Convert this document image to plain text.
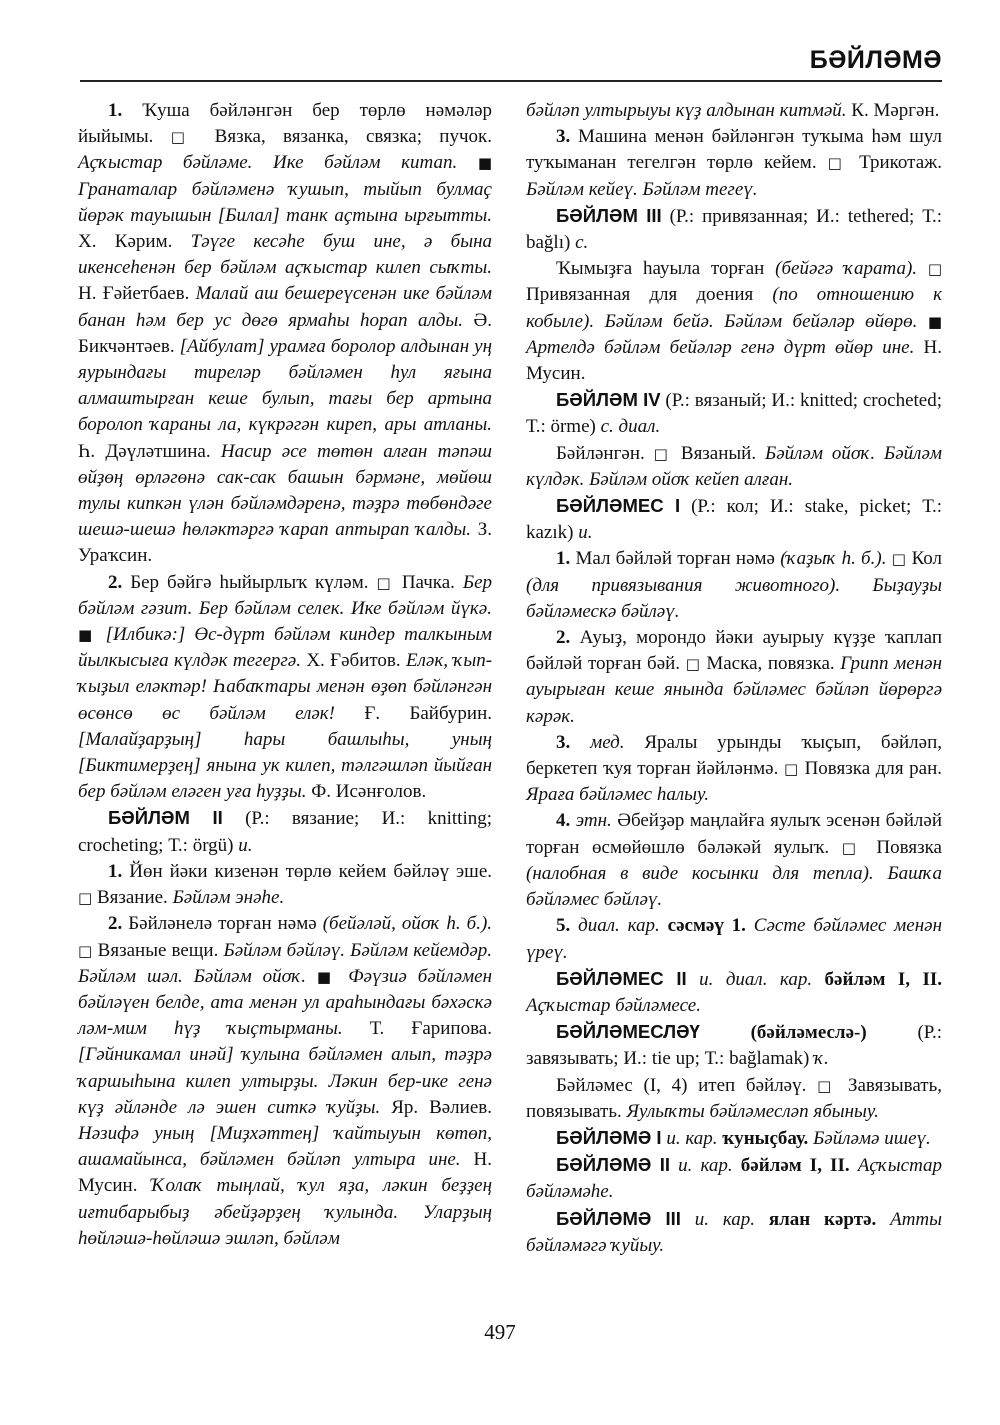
БӘЙЛӘМӘ

1. Ҡуша бәйләнгән бер төрлө нәмәләр йыйымы. □ Вязка, вязанка, связка; пучок. Аҫҡыстар бәйләме. Ике бәйләм китап. ■ Гранаталар бәйләменә ҡушып, тыйып булмаҫ йөрәк тауышын [Билал] танк аҫтына ырғытты. Х. Кәрим. Тәүге кесәһе буш ине, ә бына икенсеһенән бер бәйләм аҫҡыстар килеп сыҡты. Н. Ғәйетбаев. Малай аш бешереүсенән ике бәйләм банан һәм бер ус дөгө ярмаһы һорап алды. Ә. Бикчәнтәев. [Айбулат] урамға боролор алдынан уң яурындағы тиреләр бәйләмен һул яғына алмаштырған кеше булып, тағы бер артына боролоп ҡараны ла, күкрәгән киреп, ары атланы. Һ. Дәүләтшина. Насир әсе төтөн алған тәпәш өйҙөң өрләгөнә сак-сак башын бәрмәне, мөйөш тулы кипкән үлән бәйләмдәренә, тәҙрә төбөндәге шешә-шешә һөләктәргә ҡарап аптырап ҡалды. З. Ураҡсин.

2. Бер бәйгә һыйырлыҡ күләм. □ Пачка. Бер бәйләм гәзит. Бер бәйләм селек. Ике бәйләм йүкә. ■ [Илбикә:] Өс-дүрт бәйләм киндер талкыным йылкысыға күлдәк тегергә. Х. Ғәбитов. Еләк, ҡып-ҡыҙыл еләктәр! Һабаҡтары менән өҙөп бәйләнгән өсөнсө өс бәйләм еләк! Ғ. Байбурин. [Малайҙарҙың] һары башлыһы, уның [Биктимерҙең] янына ук килеп, тәлгәшләп йыйған бер бәйләм еләген уға һуҙҙы. Ф. Исәнғолов.

БӘЙЛӘМ II (Р.: вязание; И.: knitting; crocheting; Т.: örgü) и.

1. Йөн йәки кизенән төрлө кейем бәйләү эше. □ Вязание. Бәйләм энәһе.

2. Бәйләнелә торған нәмә (бейәләй, ойоҡ һ. б.). □ Вязаные вещи. Бәйләм бәйләү. Бәйләм кейемдәр. Бәйләм шәл. Бәйләм ойоҡ. ■ Фәүзиә бәйләмен бәйләүен белде, ата менән ул араһындағы бәхәскә ләм-мим һүҙ ҡыҫтырманы. Т. Ғарипова. [Гәйникамал инәй] ҡулына бәйләмен алып, тәҙрә ҡаршыһына килеп ултырҙы. Ләкин бер-ике генә күҙ әйләнде лә эшен ситкә ҡуйҙы. Яр. Вәлиев. Нәзифә уның [Миҙхәттең] ҡайтыуын көтөп, ашамайынса, бәйләмен бәйләп ултыра ине. Н. Мусин. Ҡолаҡ тыңлай, ҡул яҙа, ләкин беҙҙең иғтибарыбыҙ әбейҙәрҙең ҡулында. Уларҙың һөйләшә-һөйләшә эшләп, бәйләм

бәйләп ултырыуы күҙ алдынан китмәй. К. Мәргән.

3. Машина менән бәйләнгән туҡыма һәм шул туҡыманан тегелгән төрлө кейем. □ Трикотаж. Бәйләм кейеү. Бәйләм тегеү.

БӘЙЛӘМ III (Р.: привязанная; И.: tethered; Т.: bağlı) с.

Ҡымыҙға һауыла торған (бейәгә ҡарата). □ Привязанная для доения (по отношению к кобыле). Бәйләм бейә. Бәйләм бейәләр өйөрө. ■ Артелдә бәйләм бейәләр генә дүрт өйөр ине. Н. Мусин.

БӘЙЛӘМ IV (Р.: вязаный; И.: knitted; crocheted; Т.: örme) с. диал.

Бәйләнгән. □ Вязаный. Бәйләм ойоҡ. Бәйләм күлдәк. Бәйләм ойоҡ кейеп алған.

БӘЙЛӘМЕС I (Р.: кол; И.: stake, picket; Т.: kazık) и.

1. Мал бәйләй торған нәмә (ҡаҙыҡ һ. б.). □ Кол (для привязывания животного). Быҙауҙы бәйләмескә бәйләү.

2. Ауыҙ, морондо йәки ауырыу күҙҙе ҡаплап бәйләй торған бәй. □ Маска, повязка. Грипп менән ауырыған кеше янында бәйләмес бәйләп йөрөргә кәрәк.

3. мед. Яралы урынды ҡыҫып, бәйләп, беркетеп ҡуя торған йәйләнмә. □ Повязка для ран. Яраға бәйләмес һалыу.

4. этн. Әбейҙәр маңлайға яулыҡ эсенән бәйләй торған өсмөйөшлө бәләкәй яулыҡ. □ Повязка (налобная в виде косынки для тепла). Башҡа бәйләмес бәйләү.

5. диал. кар. сәсмәү 1. Сәсте бәйләмес менән үреү.

БӘЙЛӘМЕС II и. диал. кар. бәйләм I, II. Аҫҡыстар бәйләмесе.

БӘЙЛӘМЕСЛӘҮ	(бәйләмеслә-)	(Р.: завязывать; И.: tie up; Т.: bağlamak) ҡ.

Бәйләмес (I, 4) итеп бәйләү. □ Завязывать, повязывать. Яулыҡты бәйләмесләп ябыныу.

БӘЙЛӘМӘ I и. кар. ҡуныҫбау. Бәйләмә ишеү.

БӘЙЛӘМӘ II и. кар. бәйләм I, II. Аҫҡыстар бәйләмәһе.

БӘЙЛӘМӘ III и. кар. ялан кәртә. Атты бәйләмәгә ҡуйыу.

497
